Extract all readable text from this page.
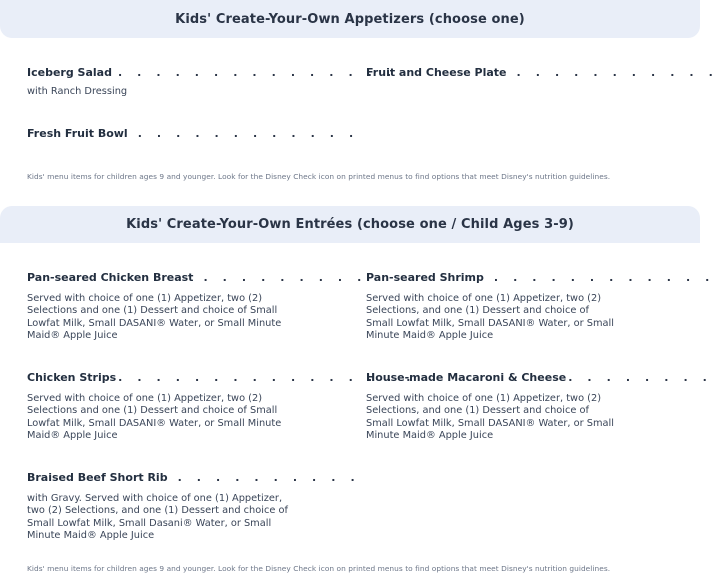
Kids' Create-Your-Own Appetizers (choose one)
Iceberg Salad . . . . . . . . . . . . . . .
with Ranch Dressing
Fruit and Cheese Plate . . . . . . . . . . .
Fresh Fruit Bowl . . . . . . . . . . . .
Kids' menu items for children ages 9 and younger. Look for the Disney Check icon on printed menus to find options that meet Disney's nutrition guidelines.
Kids' Create-Your-Own Entrées (choose one / Child Ages 3-9)
Pan-seared Chicken Breast . . . . . . . . .
Served with choice of one (1) Appetizer, two (2) Selections and one (1) Dessert and choice of Small Lowfat Milk, Small DASANI® Water, or Small Minute Maid® Apple Juice
Pan-seared Shrimp . . . . . . . . . . . .
Served with choice of one (1) Appetizer, two (2) Selections, and one (1) Dessert and choice of Small Lowfat Milk, Small DASANI® Water, or Small Minute Maid® Apple Juice
Chicken Strips . . . . . . . . . . . . . . . .
Served with choice of one (1) Appetizer, two (2) Selections and one (1) Dessert and choice of Small Lowfat Milk, Small DASANI® Water, or Small Minute Maid® Apple Juice
House-made Macaroni & Cheese . . . . . . . .
Served with choice of one (1) Appetizer, two (2) Selections, and one (1) Dessert and choice of Small Lowfat Milk, Small DASANI® Water, or Small Minute Maid® Apple Juice
Braised Beef Short Rib . . . . . . . . . .
with Gravy. Served with choice of one (1) Appetizer, two (2) Selections, and one (1) Dessert and choice of Small Lowfat Milk, Small Dasani® Water, or Small Minute Maid® Apple Juice
Kids' menu items for children ages 9 and younger. Look for the Disney Check icon on printed menus to find options that meet Disney's nutrition guidelines.
